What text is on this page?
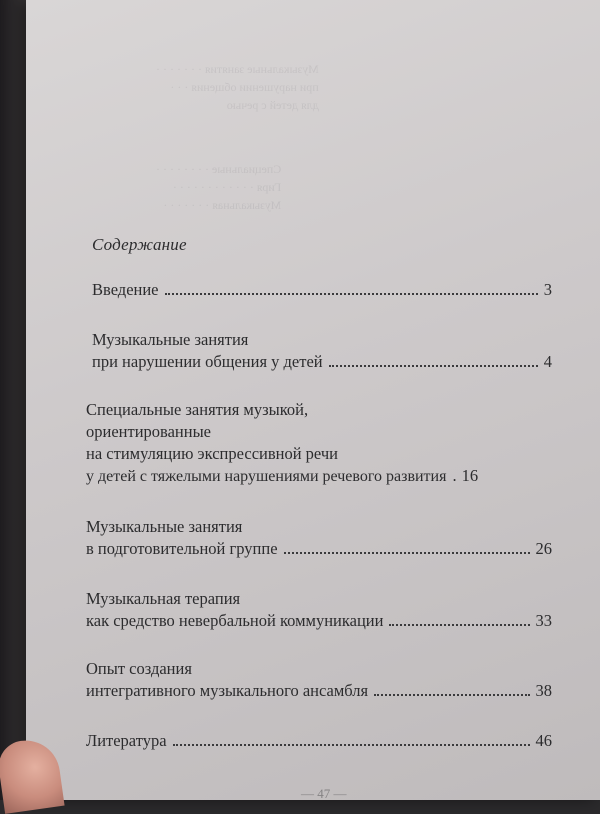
Музыкальные занятия · · · · · · ·
при нарушении общения · · ·
для детей с речью
Специальные · · · · · · · ·
Гиря · · · · · · · · · · · ·
Музыкальная · · · · · · ·
— 47 —
Содержание
Введение	3
Музыкальные занятия
при нарушении общения у детей	4
Специальные занятия музыкой,
ориентированные
на стимуляцию экспрессивной речи
у детей с тяжелыми нарушениями речевого развития . 16
Музыкальные занятия
в подготовительной группе	26
Музыкальная терапия
как средство невербальной коммуникации	33
Опыт создания
интегративного музыкального ансамбля	38
Литература	46
